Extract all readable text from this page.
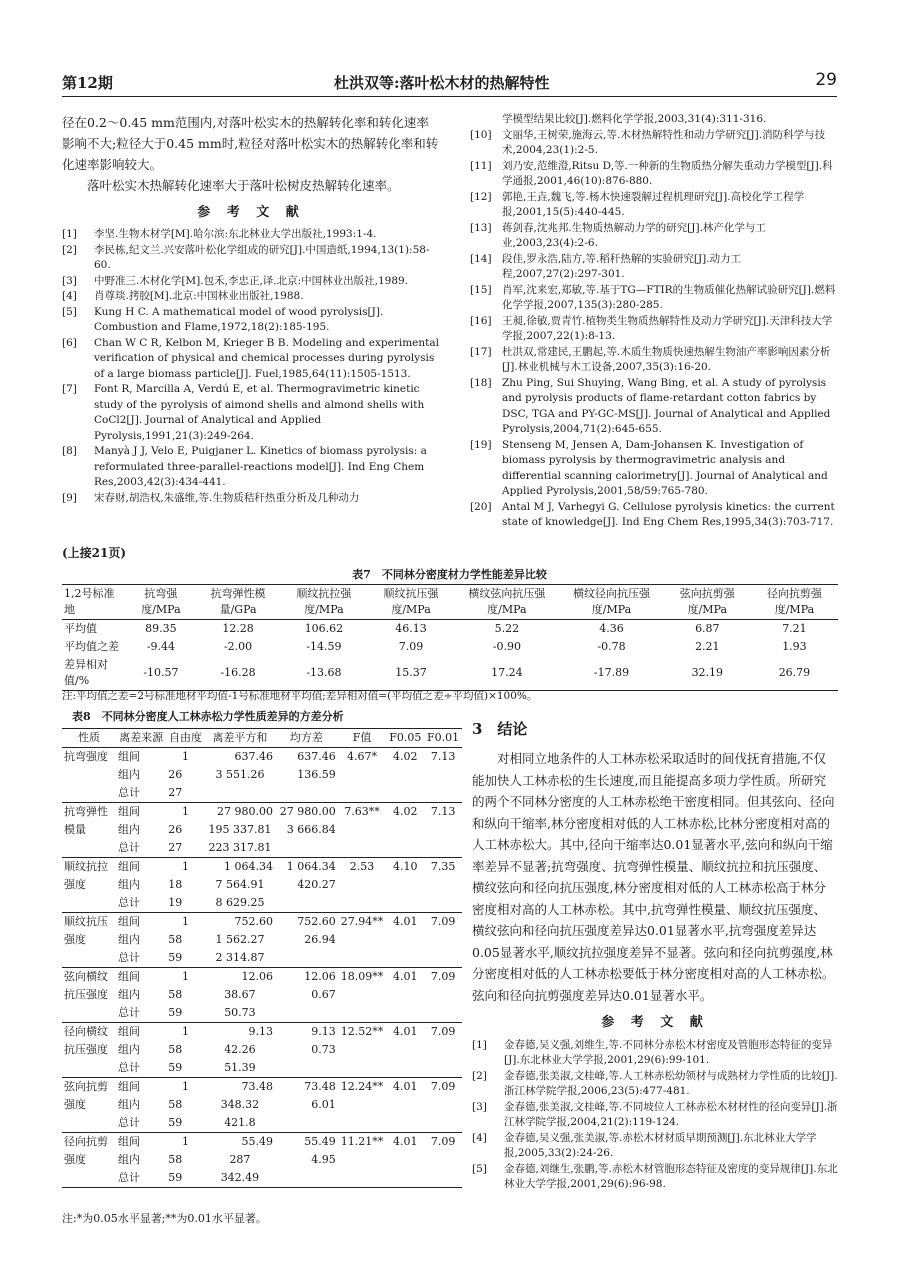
第12期	杜洪双等:落叶松木材的热解特性	29

径在0.2～0.45 mm范围内,对落叶松实木的热解转化率和转化速率影响不大;粒径大于0.45 mm时,粒径对落叶松实木的热解转化率和转化速率影响较大。

落叶松实木热解转化速率大于落叶松树皮热解转化速率。

参 考 文 献
[1]	李坚.生物木材学[M].哈尔滨:东北林业大学出版社,1993:1-4.
[2]	李民栋,纪文兰.兴安落叶松化学组成的研究[J].中国造纸,1994,13(1):58-60.
[3]	中野准三.木材化学[M].包禾,李忠正,译.北京:中国林业出版社,1989.
[4]	肖尊琰.拷胶[M].北京:中国林业出版社,1988.
[5]	Kung H C. A mathematical model of wood pyrolysis[J]. Combustion and Flame,1972,18(2):185-195.
[6]	Chan W C R, Kelbon M, Krieger B B. Modeling and experimental verification of physical and chemical processes during pyrolysis of a large biomass particle[J]. Fuel,1985,64(11):1505-1513.
[7]	Font R, Marcilla A, Verdú E, et al. Thermogravimetric kinetic study of the pyrolysis of aimond shells and almond shells with CoCl2[J]. Journal of Analytical and Applied Pyrolysis,1991,21(3):249-264.
[8]	Manyà J J, Velo E, Puigjaner L. Kinetics of biomass pyrolysis: a reformulated three-parallel-reactions model[J]. Ind Eng Chem Res,2003,42(3):434-441.
[9]	宋春财,胡浩权,朱盛维,等.生物质秸秆热重分析及几种动力
学模型结果比较[J].燃料化学学报,2003,31(4):311-316.
[10] 文丽华,王树荣,施海云,等.木材热解特性和动力学研究[J].消防科学与技术,2004,23(1):2-5.
[11] 刘乃安,范维澄,Ritsu D,等.一种新的生物质热分解失重动力学模型[J].科学通报,2001,46(10):876-880.
[12] 郭艳,王垚,魏飞,等.杨木快速裂解过程机理研究[J].高校化学工程学报,2001,15(5):440-445.
[13] 蒋剑春,沈兆邦.生物质热解动力学的研究[J].林产化学与工业,2003,23(4):2-6.
[14] 段佳,罗永浩,陆方,等.稻秆热解的实验研究[J].动力工程,2007,27(2):297-301.
[15] 肖军,沈来宏,郑敏,等.基于TG—FTIR的生物质催化热解试验研究[J].燃料化学学报,2007,135(3):280-285.
[16] 王昶,徐敏,贾青竹.植物类生物质热解特性及动力学研究[J].天津科技大学学报,2007,22(1):8-13.
[17] 杜洪双,常建民,王鹏起,等.木质生物质快速热解生物油产率影响因素分析[J].林业机械与木工设备,2007,35(3):16-20.
[18] Zhu Ping, Sui Shuying, Wang Bing, et al. A study of pyrolysis and pyrolysis products of flame-retardant cotton fabrics by DSC, TGA and PY-GC-MS[J]. Journal of Analytical and Applied Pyrolysis,2004,71(2):645-655.
[19] Stenseng M, Jensen A, Dam-Johansen K. Investigation of biomass pyrolysis by thermogravimetric analysis and differential scanning calorimetry[J]. Journal of Analytical and Applied Pyrolysis,2001,58/59:765-780.
[20] Antal M J, Varhegyi G. Cellulose pyrolysis kinetics: the current state of knowledge[J]. Ind Eng Chem Res,1995,34(3):703-717.
(上接21页)
表7　不同林分密度材力学性能差异比较
1,2号标准地	抗弯强度/MPa	抗弯弹性模量/GPa	顺纹抗拉强度/MPa	顺纹抗压强度/MPa	横纹弦向抗压强度/MPa	横纹径向抗压强度/MPa	弦向抗剪强度/MPa	径向抗剪强度/MPa
平均值	89.35	12.28	106.62	46.13	5.22	4.36	6.87	7.21
平均值之差	-9.44	-2.00	-14.59	7.09	-0.90	-0.78	2.21	1.93
差异相对值/%	-10.57	-16.28	-13.68	15.37	17.24	-17.89	32.19	26.79
注:平均值之差=2号标准地材平均值-1号标准地材平均值;差异相对值=(平均值之差÷平均值)×100%。
表8　不同林分密度人工林赤松力学性质差异的方差分析
性质	离差来源	自由度	离差平方和	均方差	F值	F0.05	F0.01
抗弯强度	组间	1	637.46	637.46	4.67*	4.02	7.13
	组内	26	3 551.26	136.59			
	总计	27					
抗弯弹性模量	组间	1	27 980.00	27 980.00	7.63**	4.02	7.13
	组内	26	195 337.81	3 666.84			
	总计	27	223 317.81				
顺纹抗拉强度	组间	1	1 064.34	1 064.34	2.53	4.10	7.35
	组内	18	7 564.91	420.27			
	总计	19	8 629.25				
顺纹抗压强度	组间	1	752.60	752.60	27.94**	4.01	7.09
	组内	58	1 562.27	26.94			
	总计	59	2 314.87				
弦向横纹抗压强度	组间	1	12.06	12.06	18.09**	4.01	7.09
	组内	58	38.67	0.67			
	总计	59	50.73				
径向横纹抗压强度	组间	1	9.13	9.13	12.52**	4.01	7.09
	组内	58	42.26	0.73			
	总计	59	51.39				
弦向抗剪强度	组间	1	73.48	73.48	12.24**	4.01	7.09
	组内	58	348.32	6.01			
	总计	59	421.8				
径向抗剪强度	组间	1	55.49	55.49	11.21**	4.01	7.09
	组内	58	287	4.95			
	总计	59	342.49				
注:*为0.05水平显著;**为0.01水平显著。
3　结论

对相同立地条件的人工林赤松采取适时的间伐抚育措施,不仅能加快人工林赤松的生长速度,而且能提高多项力学性质。所研究的两个不同林分密度的人工林赤松绝干密度相同。但其弦向、径向和纵向干缩率,林分密度相对低的人工林赤松,比林分密度相对高的人工林赤松大。其中,径向干缩率达0.01显著水平,弦向和纵向干缩率差异不显著;抗弯强度、抗弯弹性模量、顺纹抗拉和抗压强度、横纹弦向和径向抗压强度,林分密度相对低的人工林赤松高于林分密度相对高的人工林赤松。其中,抗弯弹性模量、顺纹抗压强度、横纹弦向和径向抗压强度差异达0.01显著水平,抗弯强度差异达0.05显著水平,顺纹抗拉强度差异不显著。弦向和径向抗剪强度,林分密度相对低的人工林赤松要低于林分密度相对高的人工林赤松。弦向和径向抗剪强度差异达0.01显著水平。

参 考 文 献
[1]	金春德,吴义强,刘维生,等.不同林分赤松木材密度及管胞形态特征的变异[J].东北林业大学学报,2001,29(6):99-101.
[2]	金春德,张美淑,文桂峰,等.人工林赤松幼领材与成熟材力学性质的比较[J].浙江林学院学报,2006,23(5):477-481.
[3]	金春德,张美淑,文桂峰,等.不同坡位人工林赤松木材材性的径向变异[J].浙江林学院学报,2004,21(2):119-124.
[4]	金春德,吴义强,张美淑,等.赤松木材材质早期预测[J].东北林业大学学报,2005,33(2):24-26.
[5]	金春德,刘继生,张鹏,等.赤松木材管胞形态特征及密度的变异规律[J].东北林业大学学报,2001,29(6):96-98.
